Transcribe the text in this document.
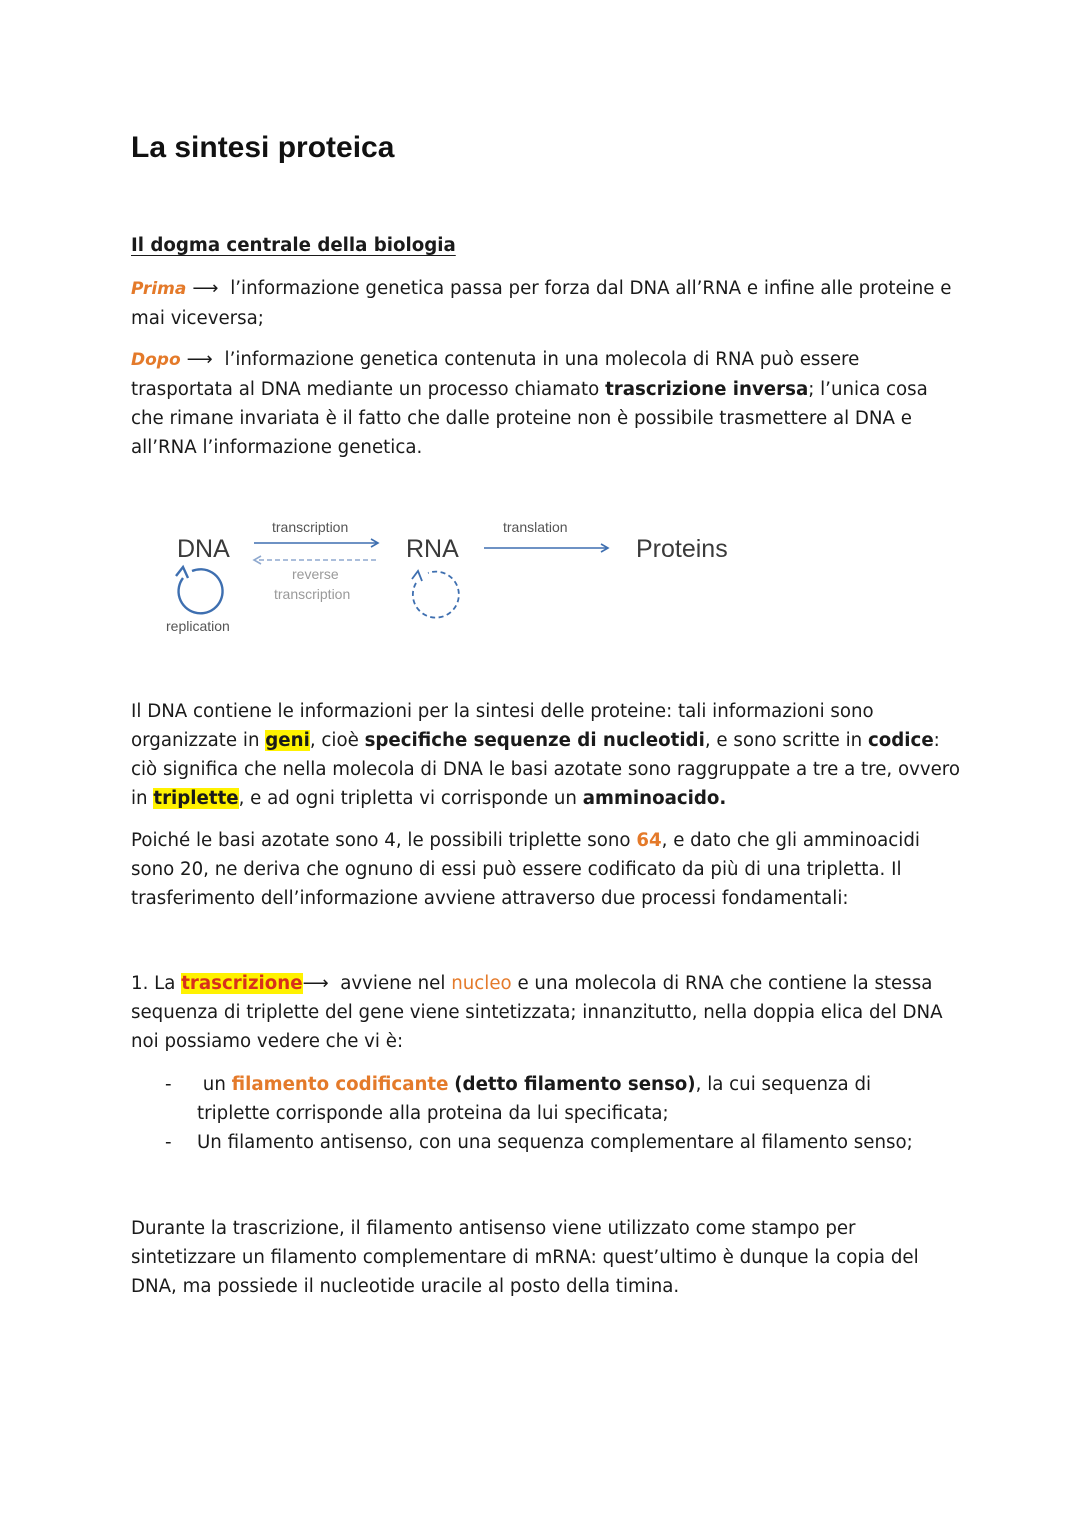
La sintesi proteica
Il dogma centrale della biologia
Prima ⟶ l’informazione genetica passa per forza dal DNA all’RNA e infine alle proteine e mai viceversa;
Dopo ⟶ l’informazione genetica contenuta in una molecola di RNA può essere trasportata al DNA mediante un processo chiamato trascrizione inversa; l’unica cosa che rimane invariata è il fatto che dalle proteine non è possibile trasmettere al DNA e all’RNA l’informazione genetica.
DNA	RNA	Proteins
transcription
reverse
transcription
translation
replication
Il DNA contiene le informazioni per la sintesi delle proteine: tali informazioni sono organizzate in geni, cioè specifiche sequenze di nucleotidi, e sono scritte in codice: ciò significa che nella molecola di DNA le basi azotate sono raggruppate a tre a tre, ovvero in triplette, e ad ogni tripletta vi corrisponde un amminoacido.
Poiché le basi azotate sono 4, le possibili triplette sono 64, e dato che gli amminoacidi sono 20, ne deriva che ognuno di essi può essere codificato da più di una tripletta. Il trasferimento dell’informazione avviene attraverso due processi fondamentali:
1. La trascrizione⟶ avviene nel nucleo e una molecola di RNA che contiene la stessa sequenza di triplette del gene viene sintetizzata; innanzitutto, nella doppia elica del DNA noi possiamo vedere che vi è:
- un filamento codificante (detto filamento senso), la cui sequenza di triplette corrisponde alla proteina da lui specificata;
- Un filamento antisenso, con una sequenza complementare al filamento senso;
Durante la trascrizione, il filamento antisenso viene utilizzato come stampo per sintetizzare un filamento complementare di mRNA: quest’ultimo è dunque la copia del DNA, ma possiede il nucleotide uracile al posto della timina.
